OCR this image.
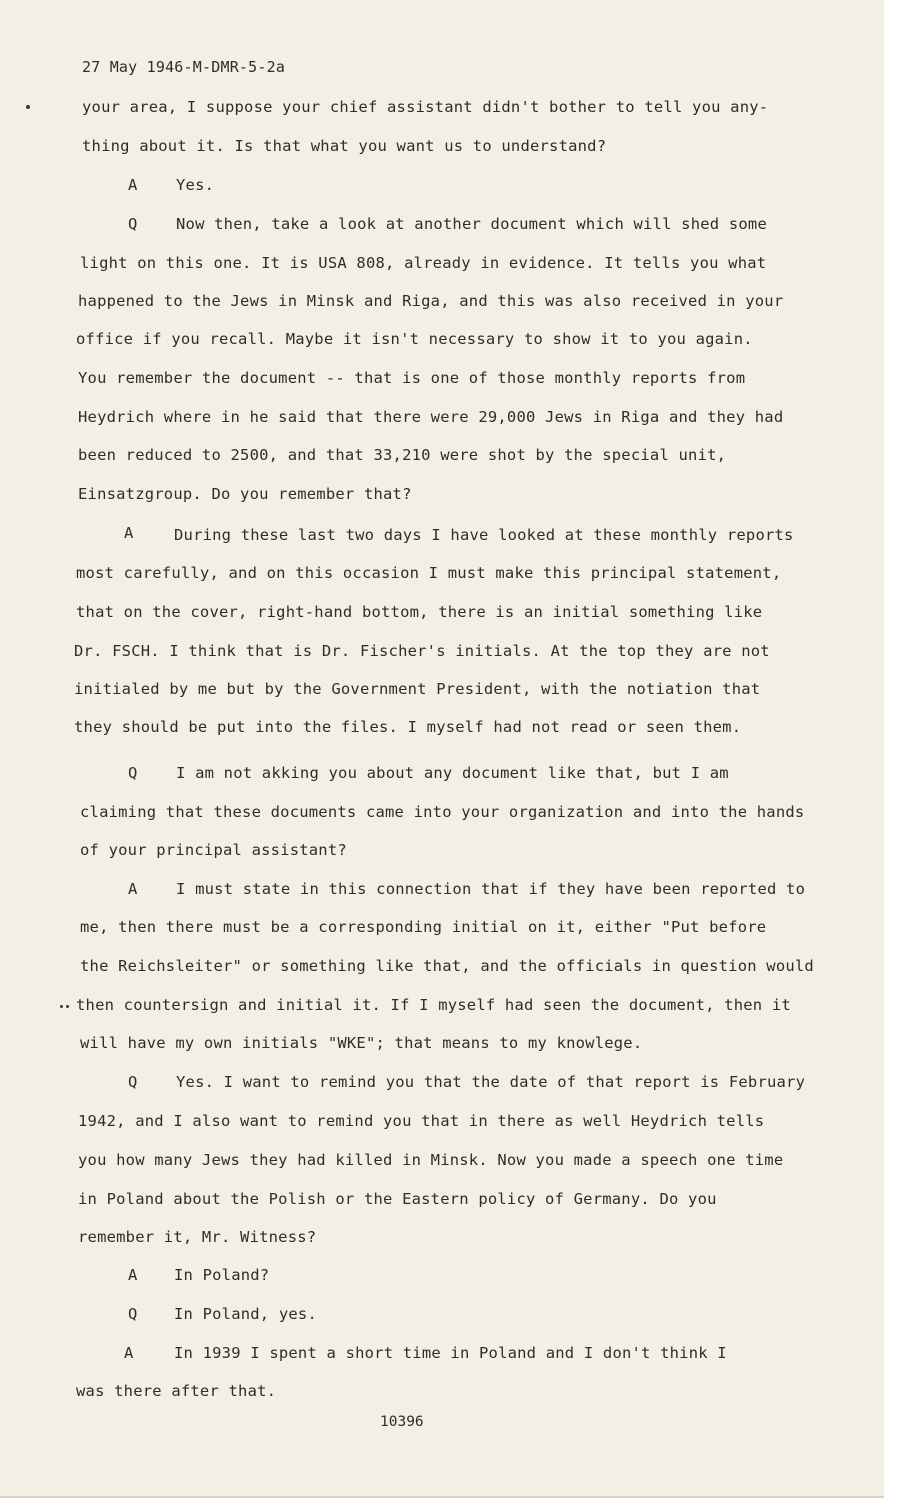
27 May 1946-M-DMR-5-2a
your area, I suppose your chief assistant didn't bother to tell you any-
thing about it. Is that what you want us to understand?
A Yes.
Q Now then, take a look at another document which will shed some
light on this one. It is USA 808, already in evidence. It tells you what
happened to the Jews in Minsk and Riga, and this was also received in your
office if you recall. Maybe it isn't necessary to show it to you again.
You remember the document -- that is one of those monthly reports from
Heydrich where in he said that there were 29,000 Jews in Riga and they had
been reduced to 2500, and that 33,210 were shot by the special unit,
Einsatzgroup. Do you remember that?
A	During these last two days I have looked at these monthly reports
most carefully, and on this occasion I must make this principal statement,
that on the cover, right-hand bottom, there is an initial something like
Dr. FSCH. I think that is Dr. Fischer's initials. At the top they are not
initialed by me but by the Government President, with the notiation that
they should be put into the files. I myself had not read or seen them.
Q I am not akking you about any document like that, but I am
claiming that these documents came into your organization and into the hands
of your principal assistant?
A I must state in this connection that if they have been reported to
me, then there must be a corresponding initial on it, either "Put before
the Reichsleiter" or something like that, and the officials in question would
then countersign and initial it. If I myself had seen the document, then it
will have my own initials "WKE"; that means to my knowlege.
Q Yes. I want to remind you that the date of that report is February
1942, and I also want to remind you that in there as well Heydrich tells
you how many Jews they had killed in Minsk. Now you made a speech one time
in Poland about the Polish or the Eastern policy of Germany. Do you
remember it, Mr. Witness?
A In Poland?
Q In Poland, yes.
A	In 1939 I spent a short time in Poland and I don't think I
was there after that.
10396
